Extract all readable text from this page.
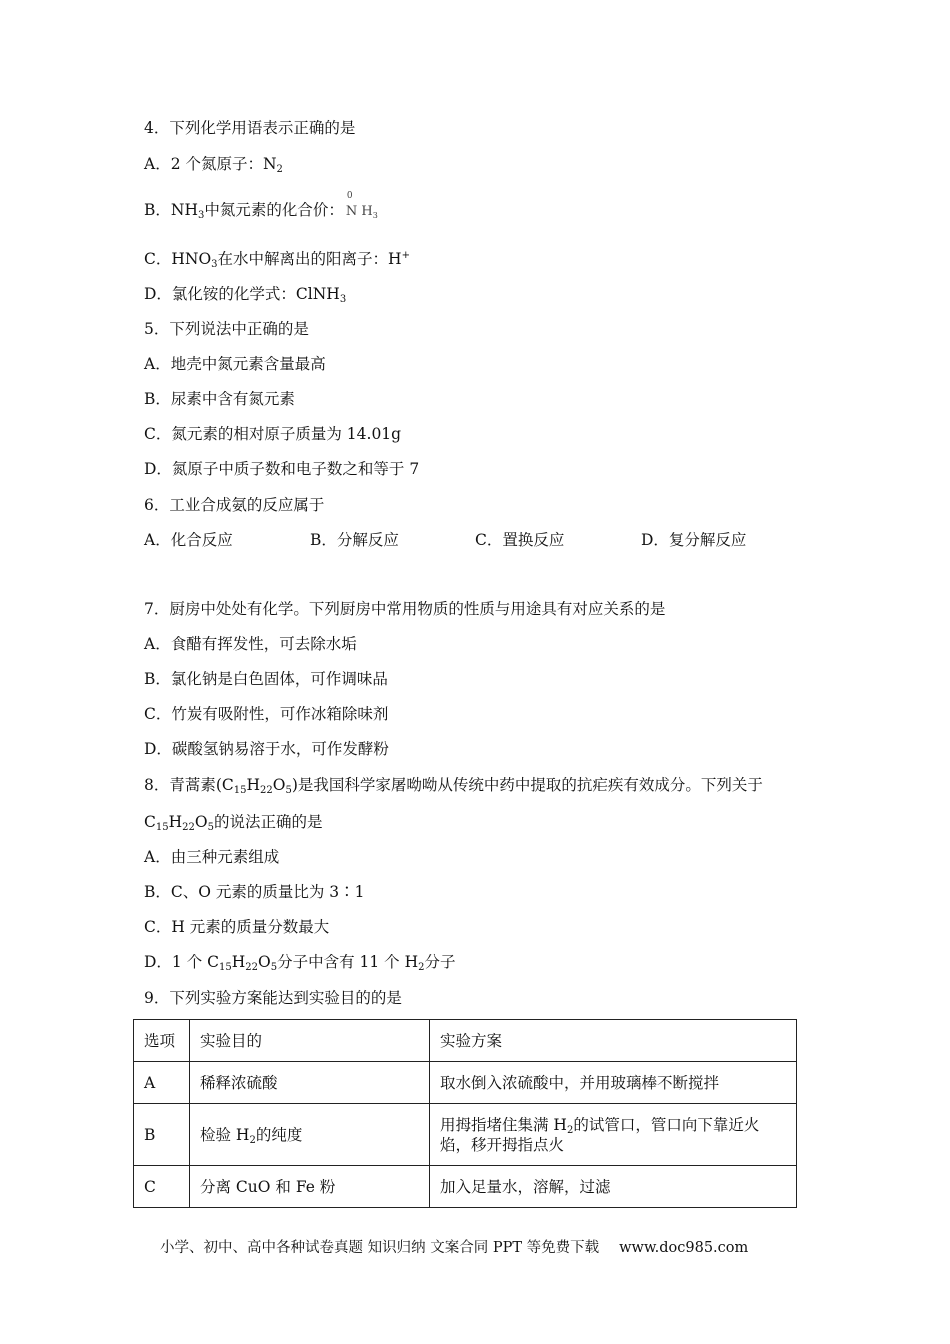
4．下列化学用语表示正确的是
A．2 个氮原子：$N_2$
B．$NH_3$中氮元素的化合价：
0
N $H_3$
C．$HNO_3$在水中解离出的阳离子：H+
D．氯化铵的化学式：ClNH$_3$
5．下列说法中正确的是
A．地壳中氮元素含量最高
B．尿素中含有氮元素
C．氮元素的相对原子质量为 14.01g
D．氮原子中质子数和电子数之和等于 7
6．工业合成氨的反应属于
A．化合反应	B．分解反应	C．置换反应	D．复分解反应
7．厨房中处处有化学。下列厨房中常用物质的性质与用途具有对应关系的是
A．食醋有挥发性，可去除水垢
B．氯化钠是白色固体，可作调味品
C．竹炭有吸附性，可作冰箱除味剂
D．碳酸氢钠易溶于水，可作发酵粉
8．青蒿素$(C_{15}H_{22}O_5)$是我国科学家屠呦呦从传统中药中提取的抗疟疾有效成分。下列关于
$C_{15}H_{22}O_5$的说法正确的是
A．由三种元素组成
B．C、O 元素的质量比为 3∶1
C．H 元素的质量分数最大
D．1 个 $C_{15}H_{22}O_5$分子中含有 11 个 $H_2$分子
9．下列实验方案能达到实验目的的是
选项	实验目的	实验方案
A	稀释浓硫酸	取水倒入浓硫酸中，并用玻璃棒不断搅拌
B	检验 $H_2$的纯度	用拇指堵住集满 $H_2$的试管口，管口向下靠近火
焰，移开拇指点火
C	分离 CuO 和 Fe 粉	加入足量水，溶解，过滤
小学、初中、高中各种试卷真题 知识归纳 文案合同 PPT 等免费下载 www.doc985.com
